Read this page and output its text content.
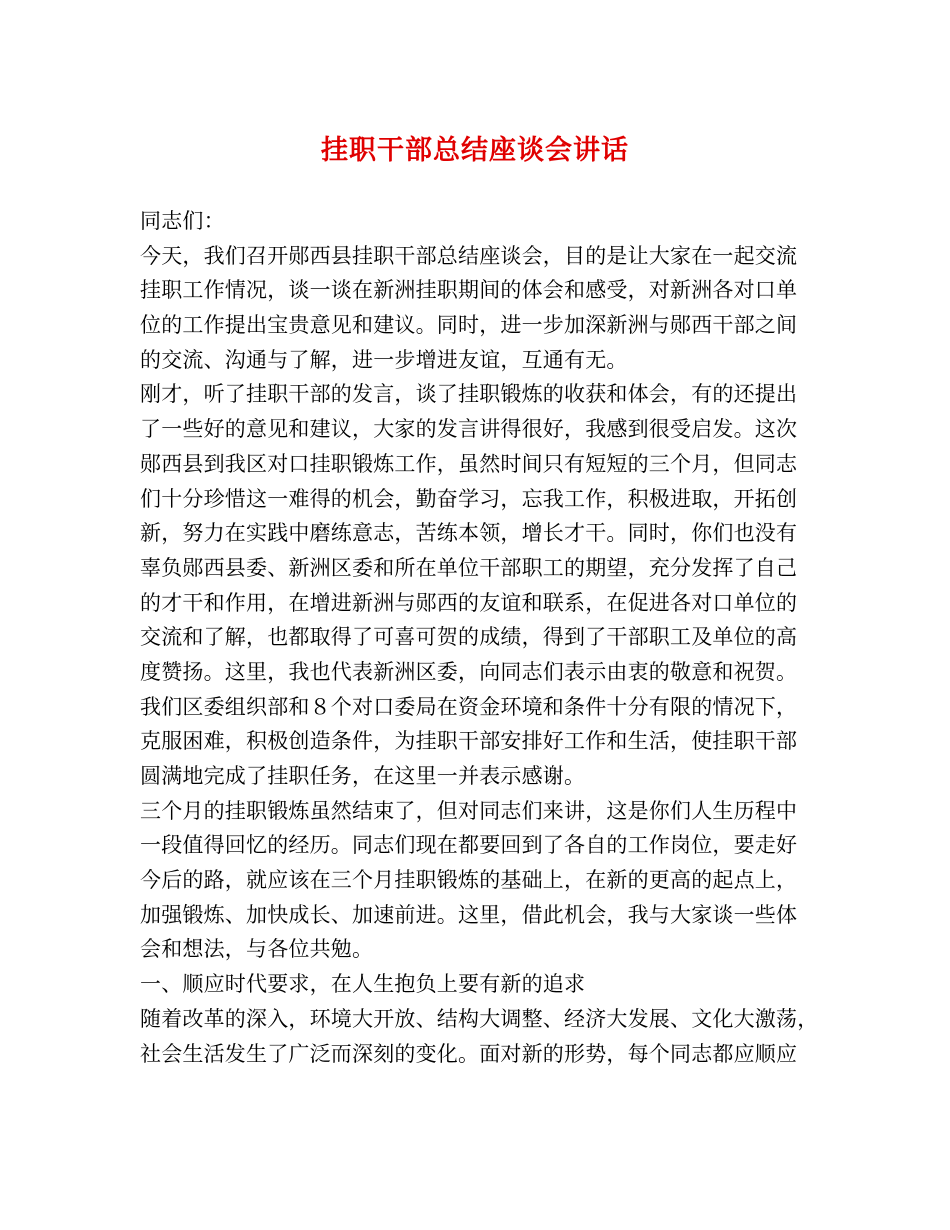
挂职干部总结座谈会讲话
同志们：
今天，我们召开郧西县挂职干部总结座谈会，目的是让大家在一起交流
挂职工作情况，谈一谈在新洲挂职期间的体会和感受，对新洲各对口单
位的工作提出宝贵意见和建议。同时，进一步加深新洲与郧西干部之间
的交流、沟通与了解，进一步增进友谊，互通有无。
刚才，听了挂职干部的发言，谈了挂职锻炼的收获和体会，有的还提出
了一些好的意见和建议，大家的发言讲得很好，我感到很受启发。这次
郧西县到我区对口挂职锻炼工作，虽然时间只有短短的三个月，但同志
们十分珍惜这一难得的机会，勤奋学习，忘我工作，积极进取，开拓创
新，努力在实践中磨练意志，苦练本领，增长才干。同时，你们也没有
辜负郧西县委、新洲区委和所在单位干部职工的期望，充分发挥了自己
的才干和作用，在增进新洲与郧西的友谊和联系，在促进各对口单位的
交流和了解，也都取得了可喜可贺的成绩，得到了干部职工及单位的高
度赞扬。这里，我也代表新洲区委，向同志们表示由衷的敬意和祝贺。
我们区委组织部和８个对口委局在资金环境和条件十分有限的情况下，
克服困难，积极创造条件，为挂职干部安排好工作和生活，使挂职干部
圆满地完成了挂职任务，在这里一并表示感谢。
三个月的挂职锻炼虽然结束了，但对同志们来讲，这是你们人生历程中
一段值得回忆的经历。同志们现在都要回到了各自的工作岗位，要走好
今后的路，就应该在三个月挂职锻炼的基础上，在新的更高的起点上，
加强锻炼、加快成长、加速前进。这里，借此机会，我与大家谈一些体
会和想法，与各位共勉。
一、顺应时代要求，在人生抱负上要有新的追求
随着改革的深入，环境大开放、结构大调整、经济大发展、文化大激荡，
社会生活发生了广泛而深刻的变化。面对新的形势，每个同志都应顺应
